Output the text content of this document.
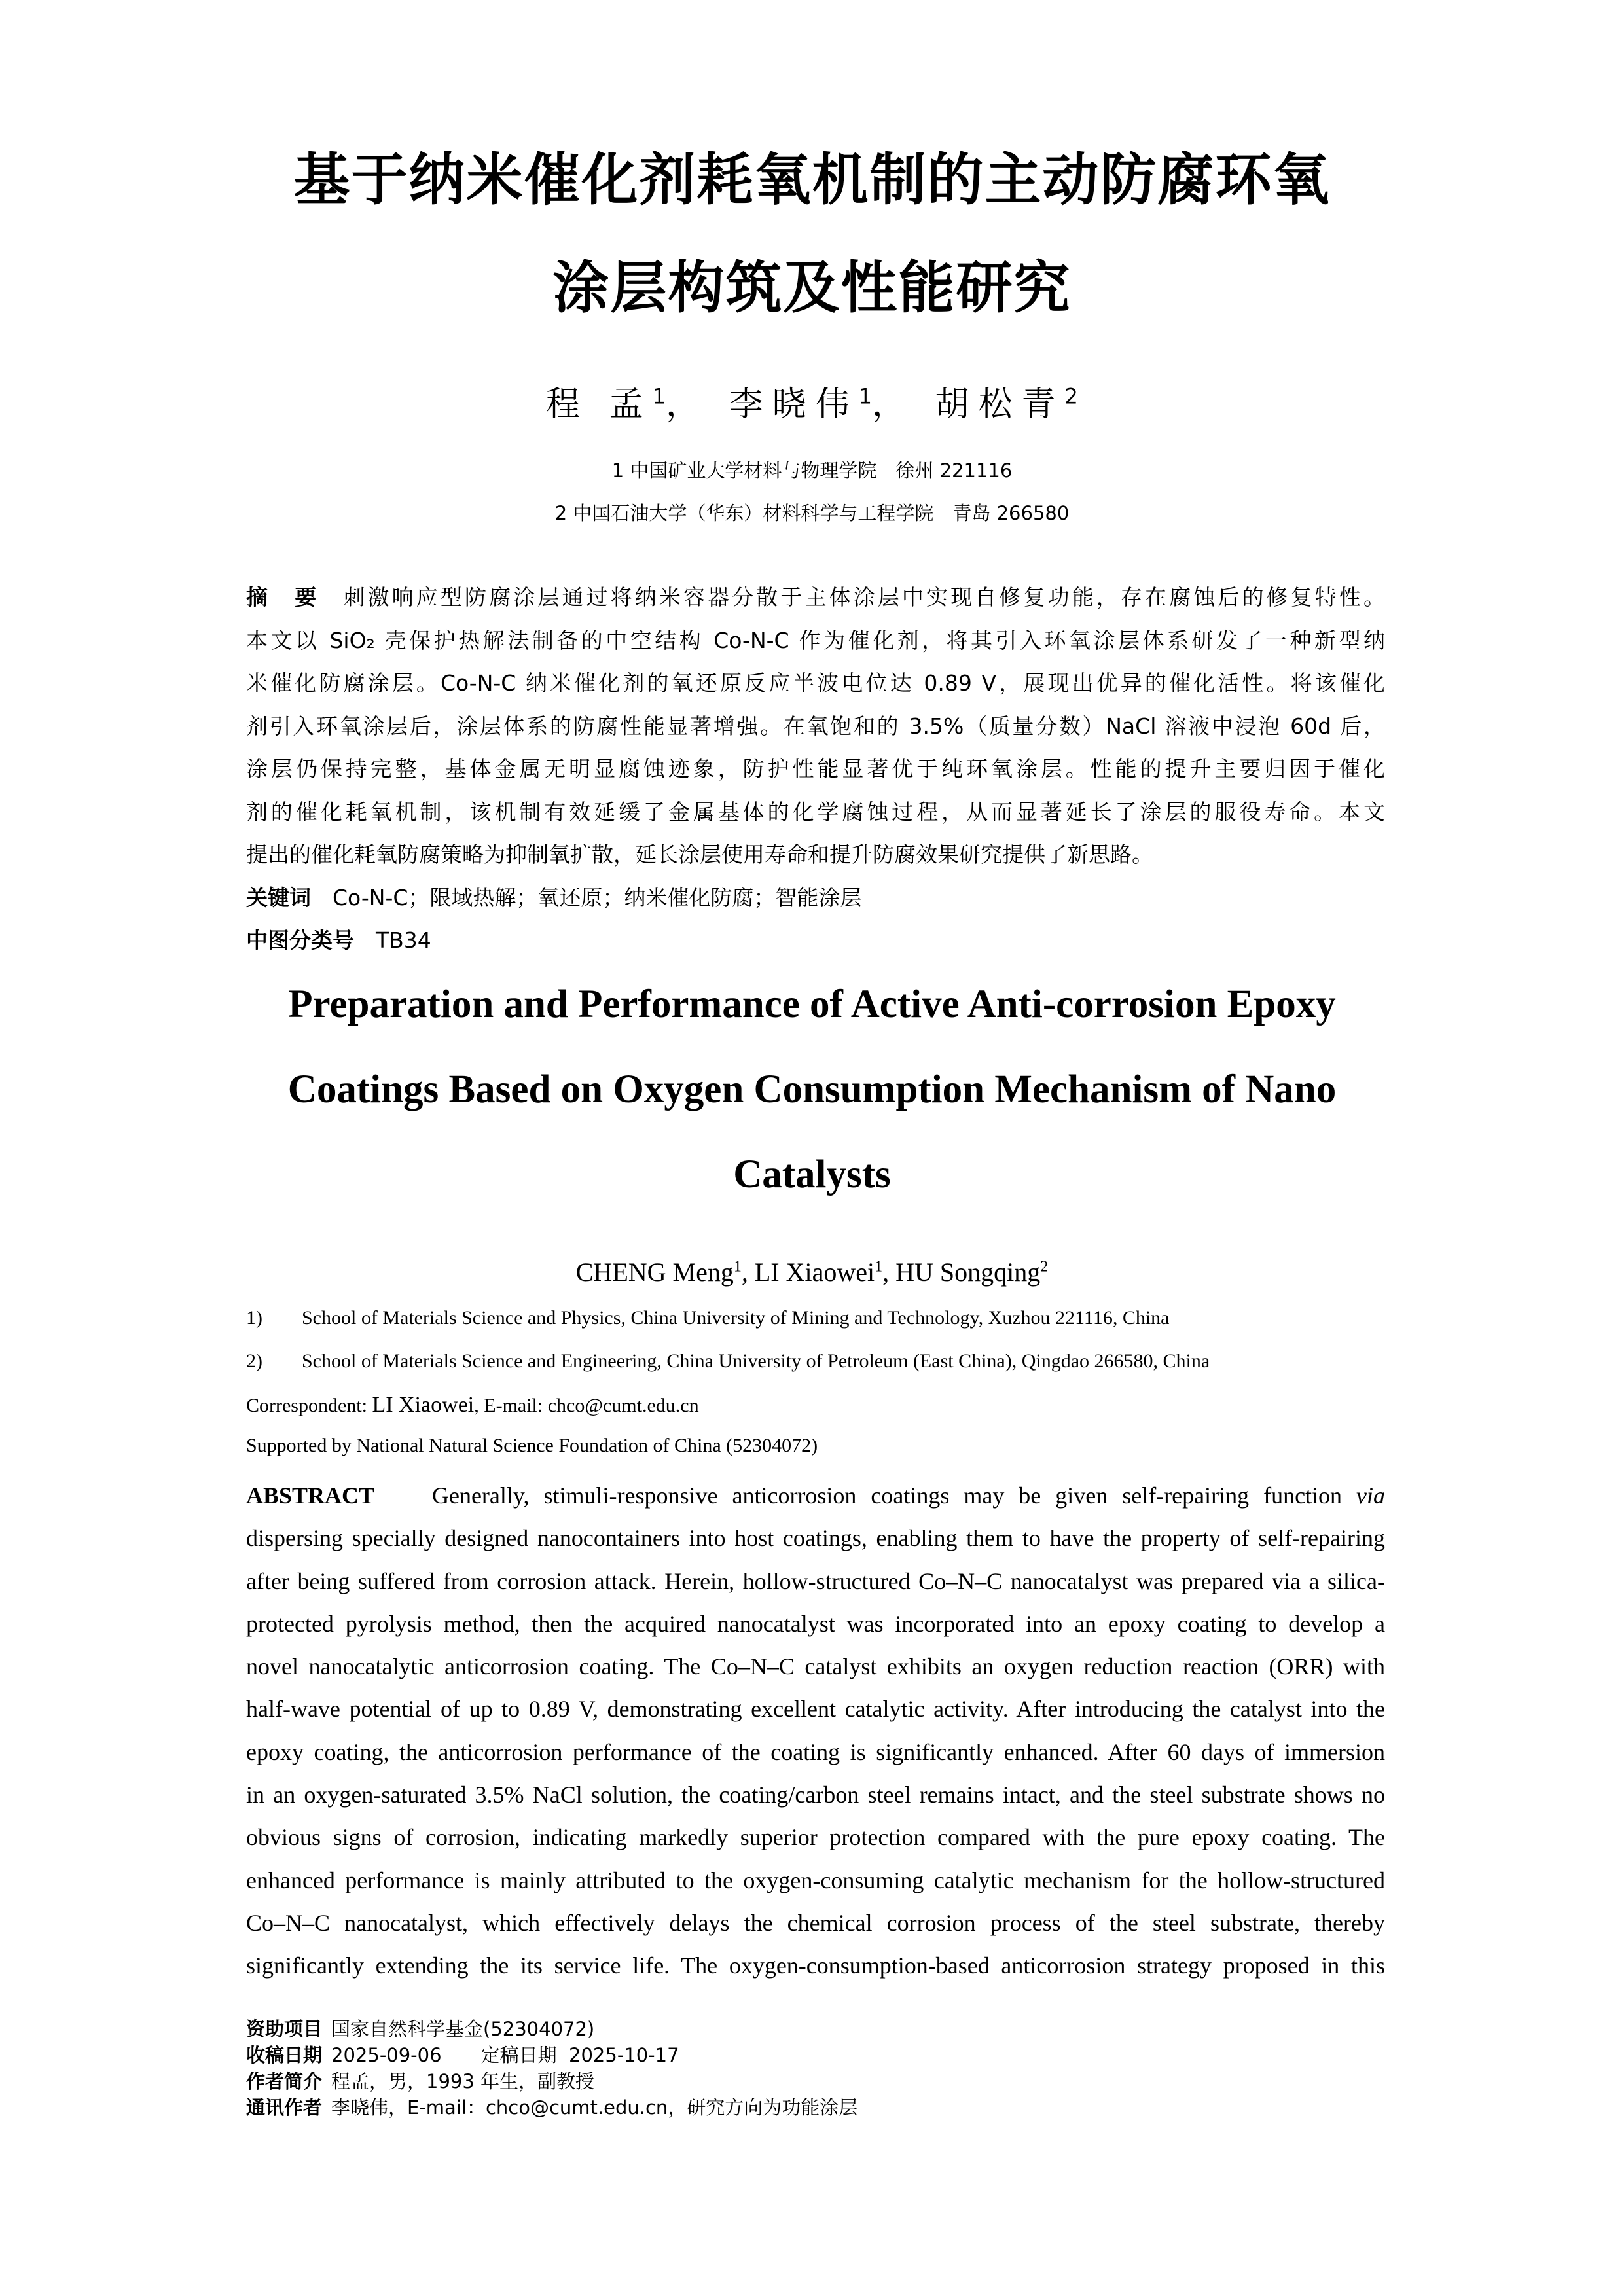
基于纳米催化剂耗氧机制的主动防腐环氧
涂层构筑及性能研究
程 孟$^1$， 李晓伟$^1$， 胡松青$^2$
1 中国矿业大学材料与物理学院　徐州 221116
2 中国石油大学（华东）材料科学与工程学院　青岛 266580
摘　要　 刺激响应型防腐涂层通过将纳米容器分散于主体涂层中实现自修复功能，存在腐蚀后的修复特性。
本文以 SiO₂ 壳保护热解法制备的中空结构 Co-N-C 作为催化剂，将其引入环氧涂层体系研发了一种新型纳
米催化防腐涂层。Co-N-C 纳米催化剂的氧还原反应半波电位达 0.89 V，展现出优异的催化活性。将该催化
剂引入环氧涂层后，涂层体系的防腐性能显著增强。在氧饱和的 3.5%（质量分数）NaCl 溶液中浸泡 60d 后，
涂层仍保持完整，基体金属无明显腐蚀迹象，防护性能显著优于纯环氧涂层。性能的提升主要归因于催化
剂的催化耗氧机制，该机制有效延缓了金属基体的化学腐蚀过程，从而显著延长了涂层的服役寿命。本文
提出的催化耗氧防腐策略为抑制氧扩散，延长涂层使用寿命和提升防腐效果研究提供了新思路。
关键词　 Co-N-C；限域热解；氧还原；纳米催化防腐；智能涂层
中图分类号　 TB34
Preparation and Performance of Active Anti-corrosion Epoxy
Coatings Based on Oxygen Consumption Mechanism of Nano
Catalysts
CHENG Meng$^1$, LI Xiaowei$^1$, HU Songqing$^2$
1) School of Materials Science and Physics, China University of Mining and Technology, Xuzhou 221116, China
2) School of Materials Science and Engineering, China University of Petroleum (East China), Qingdao 266580, China
Correspondent: LI Xiaowei, E-mail: chco@cumt.edu.cn
Supported by National Natural Science Foundation of China (52304072)
ABSTRACT Generally, stimuli-responsive anticorrosion coatings may be given self-repairing function via
dispersing specially designed nanocontainers into host coatings, enabling them to have the property of self-repairing
after being suffered from corrosion attack. Herein, hollow-structured Co–N–C nanocatalyst was prepared via a silica-
protected pyrolysis method, then the acquired nanocatalyst was incorporated into an epoxy coating to develop a
novel nanocatalytic anticorrosion coating. The Co–N–C catalyst exhibits an oxygen reduction reaction (ORR) with
half-wave potential of up to 0.89 V, demonstrating excellent catalytic activity. After introducing the catalyst into the
epoxy coating, the anticorrosion performance of the coating is significantly enhanced. After 60 days of immersion
in an oxygen-saturated 3.5% NaCl solution, the coating/carbon steel remains intact, and the steel substrate shows no
obvious signs of corrosion, indicating markedly superior protection compared with the pure epoxy coating. The
enhanced performance is mainly attributed to the oxygen-consuming catalytic mechanism for the hollow-structured
Co–N–C nanocatalyst, which effectively delays the chemical corrosion process of the steel substrate, thereby
significantly extending the its service life. The oxygen-consumption-based anticorrosion strategy proposed in this
资助项目 国家自然科学基金(52304072)
收稿日期 2025-09-06 定稿日期 2025-10-17
作者简介 程孟，男，1993 年生，副教授
通讯作者 李晓伟，E-mail：chco@cumt.edu.cn，研究方向为功能涂层
